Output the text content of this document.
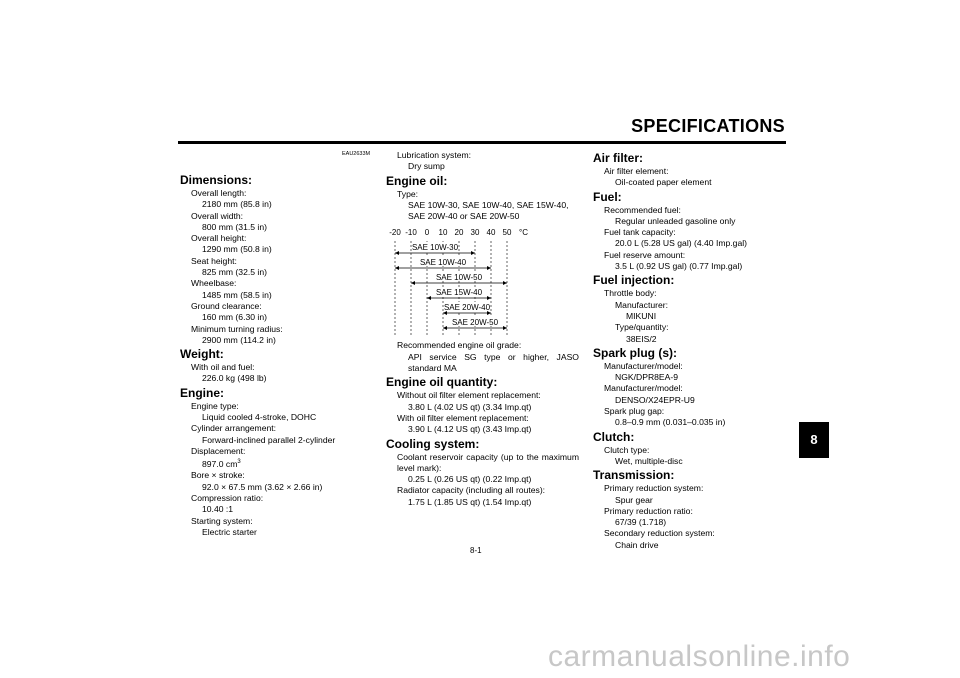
SPECIFICATIONS
EAU2633M
Dimensions:
Overall length:
2180 mm (85.8 in)
Overall width:
800 mm (31.5 in)
Overall height:
1290 mm (50.8 in)
Seat height:
825 mm (32.5 in)
Wheelbase:
1485 mm (58.5 in)
Ground clearance:
160 mm (6.30 in)
Minimum turning radius:
2900 mm (114.2 in)
Weight:
With oil and fuel:
226.0 kg (498 lb)
Engine:
Engine type:
Liquid cooled 4-stroke, DOHC
Cylinder arrangement:
Forward-inclined parallel 2-cylinder
Displacement:
897.0 $cm^3$
Bore × stroke:
92.0 × 67.5 mm (3.62 × 2.66 in)
Compression ratio:
10.40 :1
Starting system:
Electric starter
Lubrication system:
Dry sump
Engine oil:
Type:
SAE 10W-30, SAE 10W-40, SAE 15W-40, SAE 20W-40 or SAE 20W-50
-20 -10 0 10 20 30 40 50 °C
SAE 10W-30
SAE 10W-40
SAE 10W-50
SAE 15W-40
SAE 20W-40
SAE 20W-50
Recommended engine oil grade:
API service SG type or higher, JASO standard MA
Engine oil quantity:
Without oil filter element replacement:
3.80 L (4.02 US qt) (3.34 Imp.qt)
With oil filter element replacement:
3.90 L (4.12 US qt) (3.43 Imp.qt)
Cooling system:
Coolant reservoir capacity (up to the maximum level mark):
0.25 L (0.26 US qt) (0.22 Imp.qt)
Radiator capacity (including all routes):
1.75 L (1.85 US qt) (1.54 Imp.qt)
Air filter:
Air filter element:
Oil-coated paper element
Fuel:
Recommended fuel:
Regular unleaded gasoline only
Fuel tank capacity:
20.0 L (5.28 US gal) (4.40 Imp.gal)
Fuel reserve amount:
3.5 L (0.92 US gal) (0.77 Imp.gal)
Fuel injection:
Throttle body:
Manufacturer:
MIKUNI
Type/quantity:
38EIS/2
Spark plug (s):
Manufacturer/model:
NGK/DPR8EA-9
Manufacturer/model:
DENSO/X24EPR-U9
Spark plug gap:
0.8–0.9 mm (0.031–0.035 in)
Clutch:
Clutch type:
Wet, multiple-disc
Transmission:
Primary reduction system:
Spur gear
Primary reduction ratio:
67/39 (1.718)
Secondary reduction system:
Chain drive
8-1
8
carmanualsonline.info
